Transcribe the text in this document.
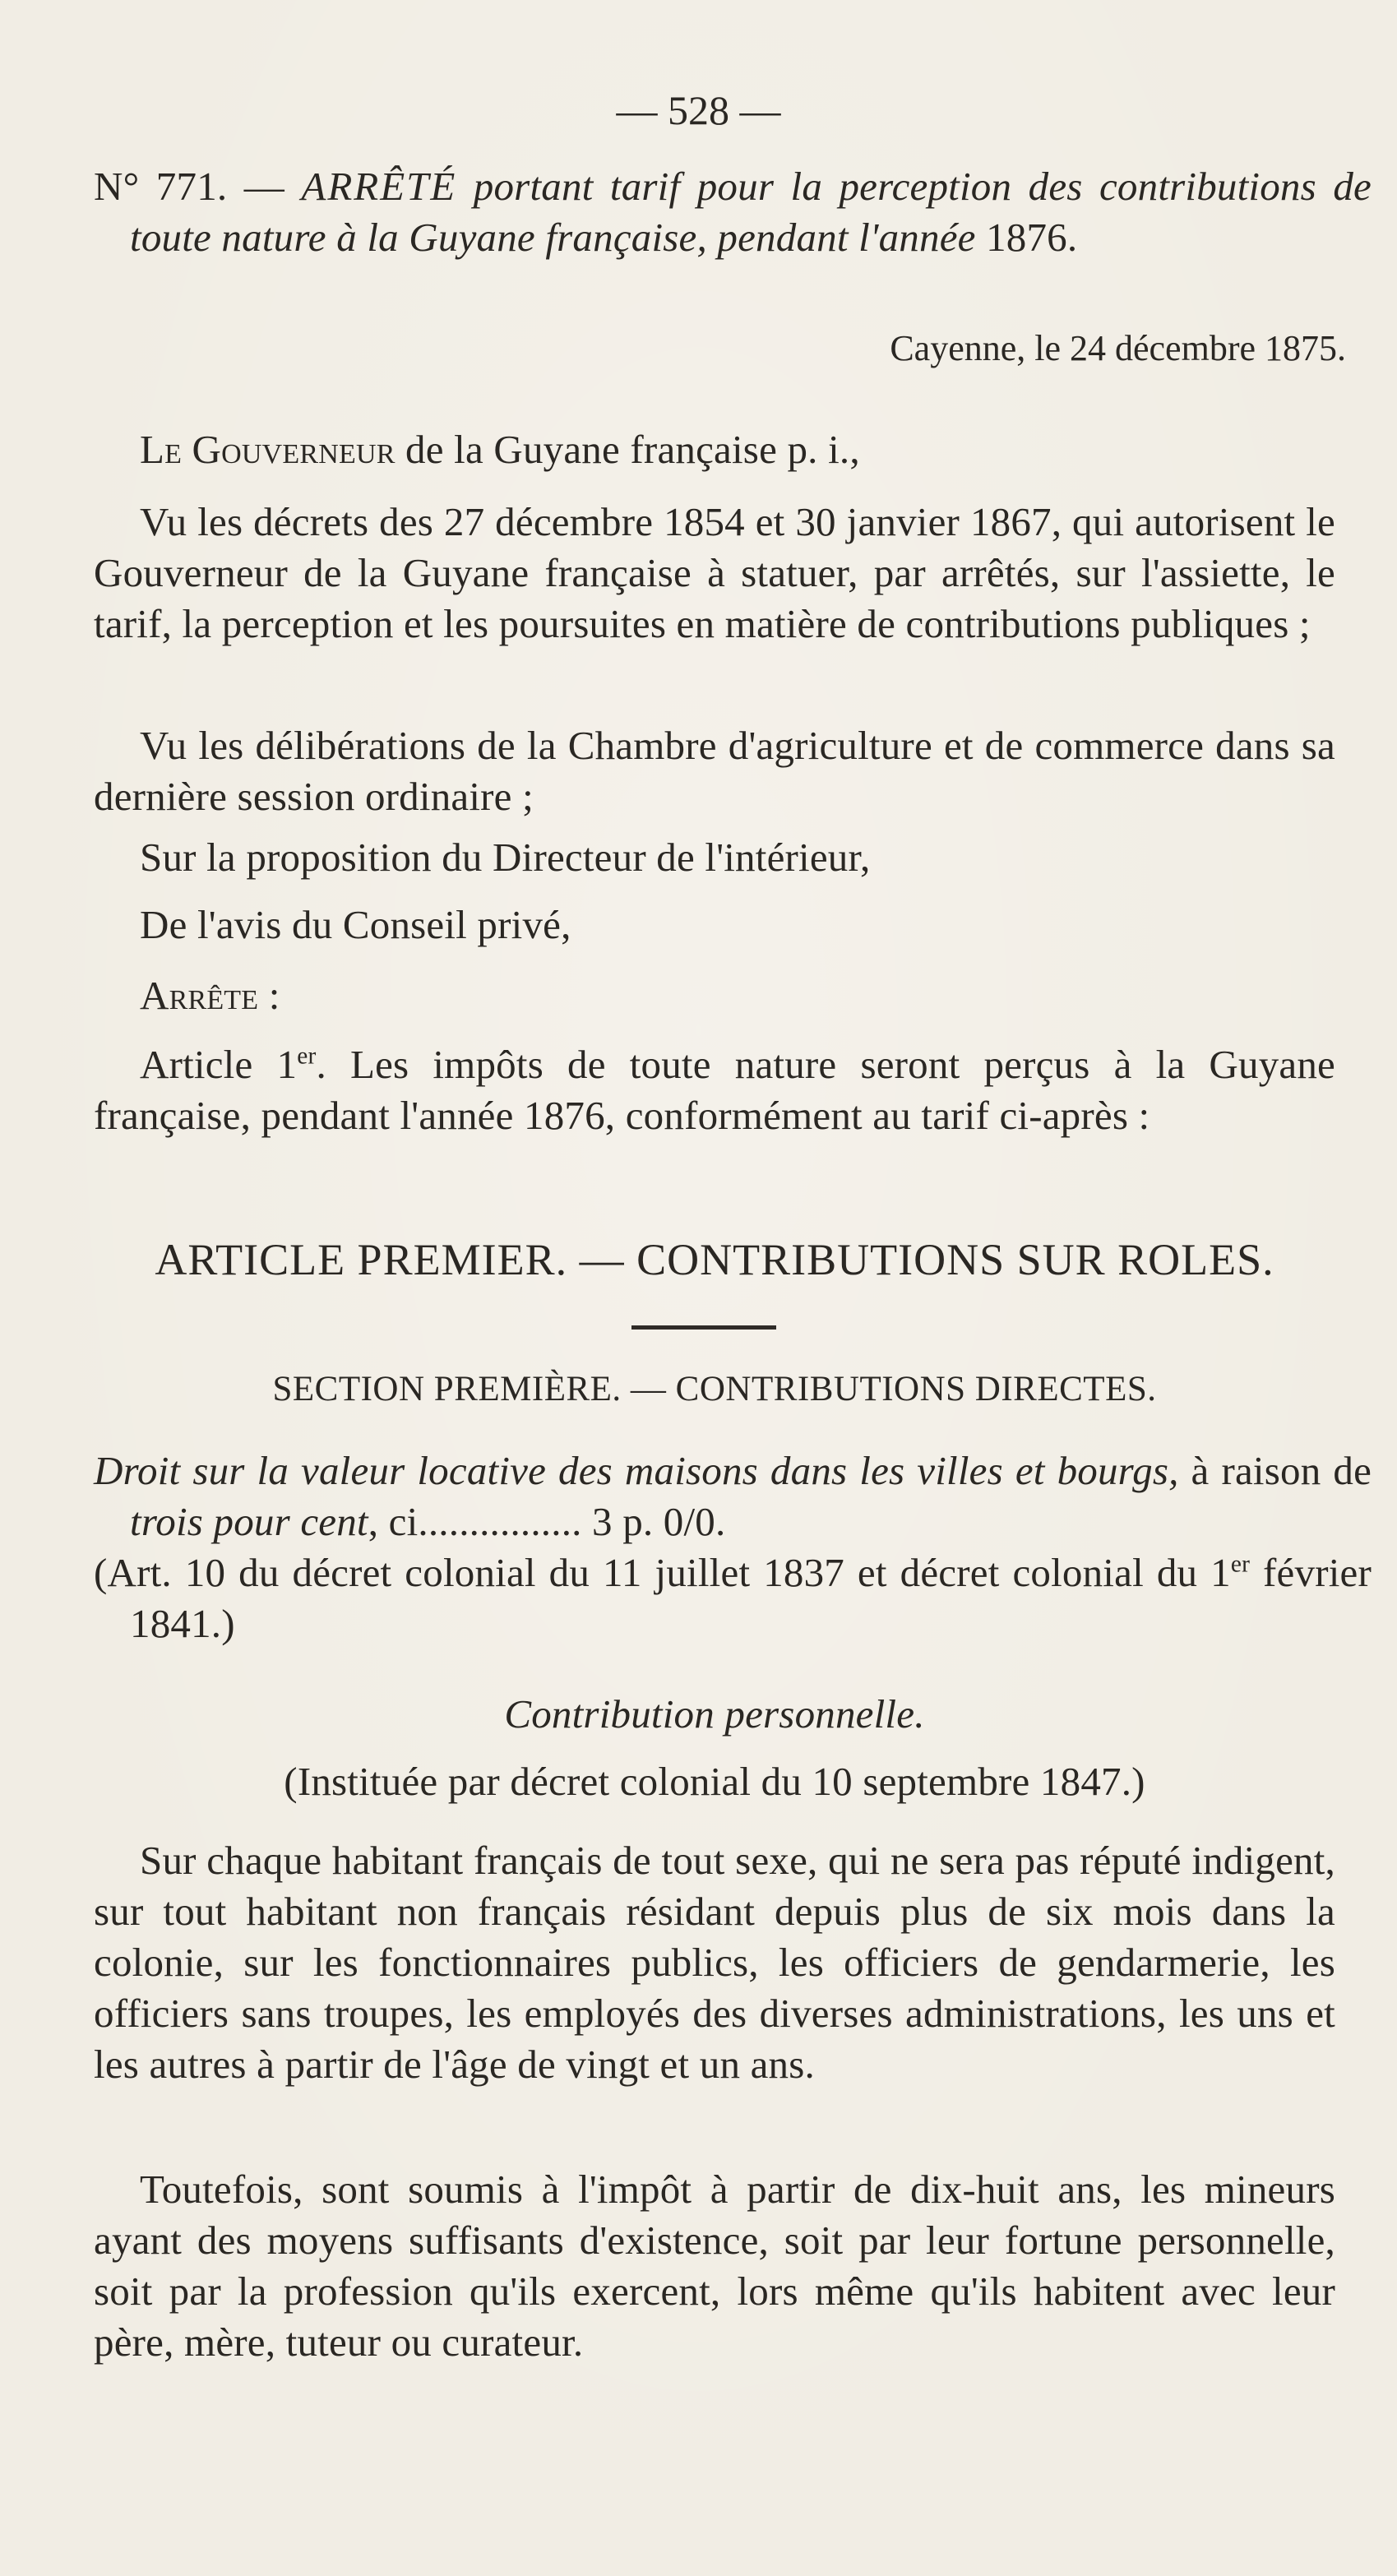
— 528 —
N° 771. — ARRÊTÉ portant tarif pour la perception des contributions de toute nature à la Guyane française, pendant l'année 1876.
Cayenne, le 24 décembre 1875.
Le Gouverneur de la Guyane française p. i.,
Vu les décrets des 27 décembre 1854 et 30 janvier 1867, qui autorisent le Gouverneur de la Guyane française à statuer, par arrêtés, sur l'assiette, le tarif, la perception et les poursuites en matière de contributions publiques ;
Vu les délibérations de la Chambre d'agriculture et de commerce dans sa dernière session ordinaire ;
Sur la proposition du Directeur de l'intérieur,
De l'avis du Conseil privé,
Arrête :
Article 1er. Les impôts de toute nature seront perçus à la Guyane française, pendant l'année 1876, conformément au tarif ci-après :
ARTICLE PREMIER. — CONTRIBUTIONS SUR ROLES.
SECTION PREMIÈRE. — CONTRIBUTIONS DIRECTES.
Droit sur la valeur locative des maisons dans les villes et bourgs, à raison de trois pour cent, ci................ 3 p. 0/0.
(Art. 10 du décret colonial du 11 juillet 1837 et décret colonial du 1er février 1841.)
Contribution personnelle.
(Instituée par décret colonial du 10 septembre 1847.)
Sur chaque habitant français de tout sexe, qui ne sera pas réputé indigent, sur tout habitant non français résidant depuis plus de six mois dans la colonie, sur les fonctionnaires publics, les officiers de gendarmerie, les officiers sans troupes, les employés des diverses administrations, les uns et les autres à partir de l'âge de vingt et un ans.
Toutefois, sont soumis à l'impôt à partir de dix-huit ans, les mineurs ayant des moyens suffisants d'existence, soit par leur fortune personnelle, soit par la profession qu'ils exercent, lors même qu'ils habitent avec leur père, mère, tuteur ou curateur.
